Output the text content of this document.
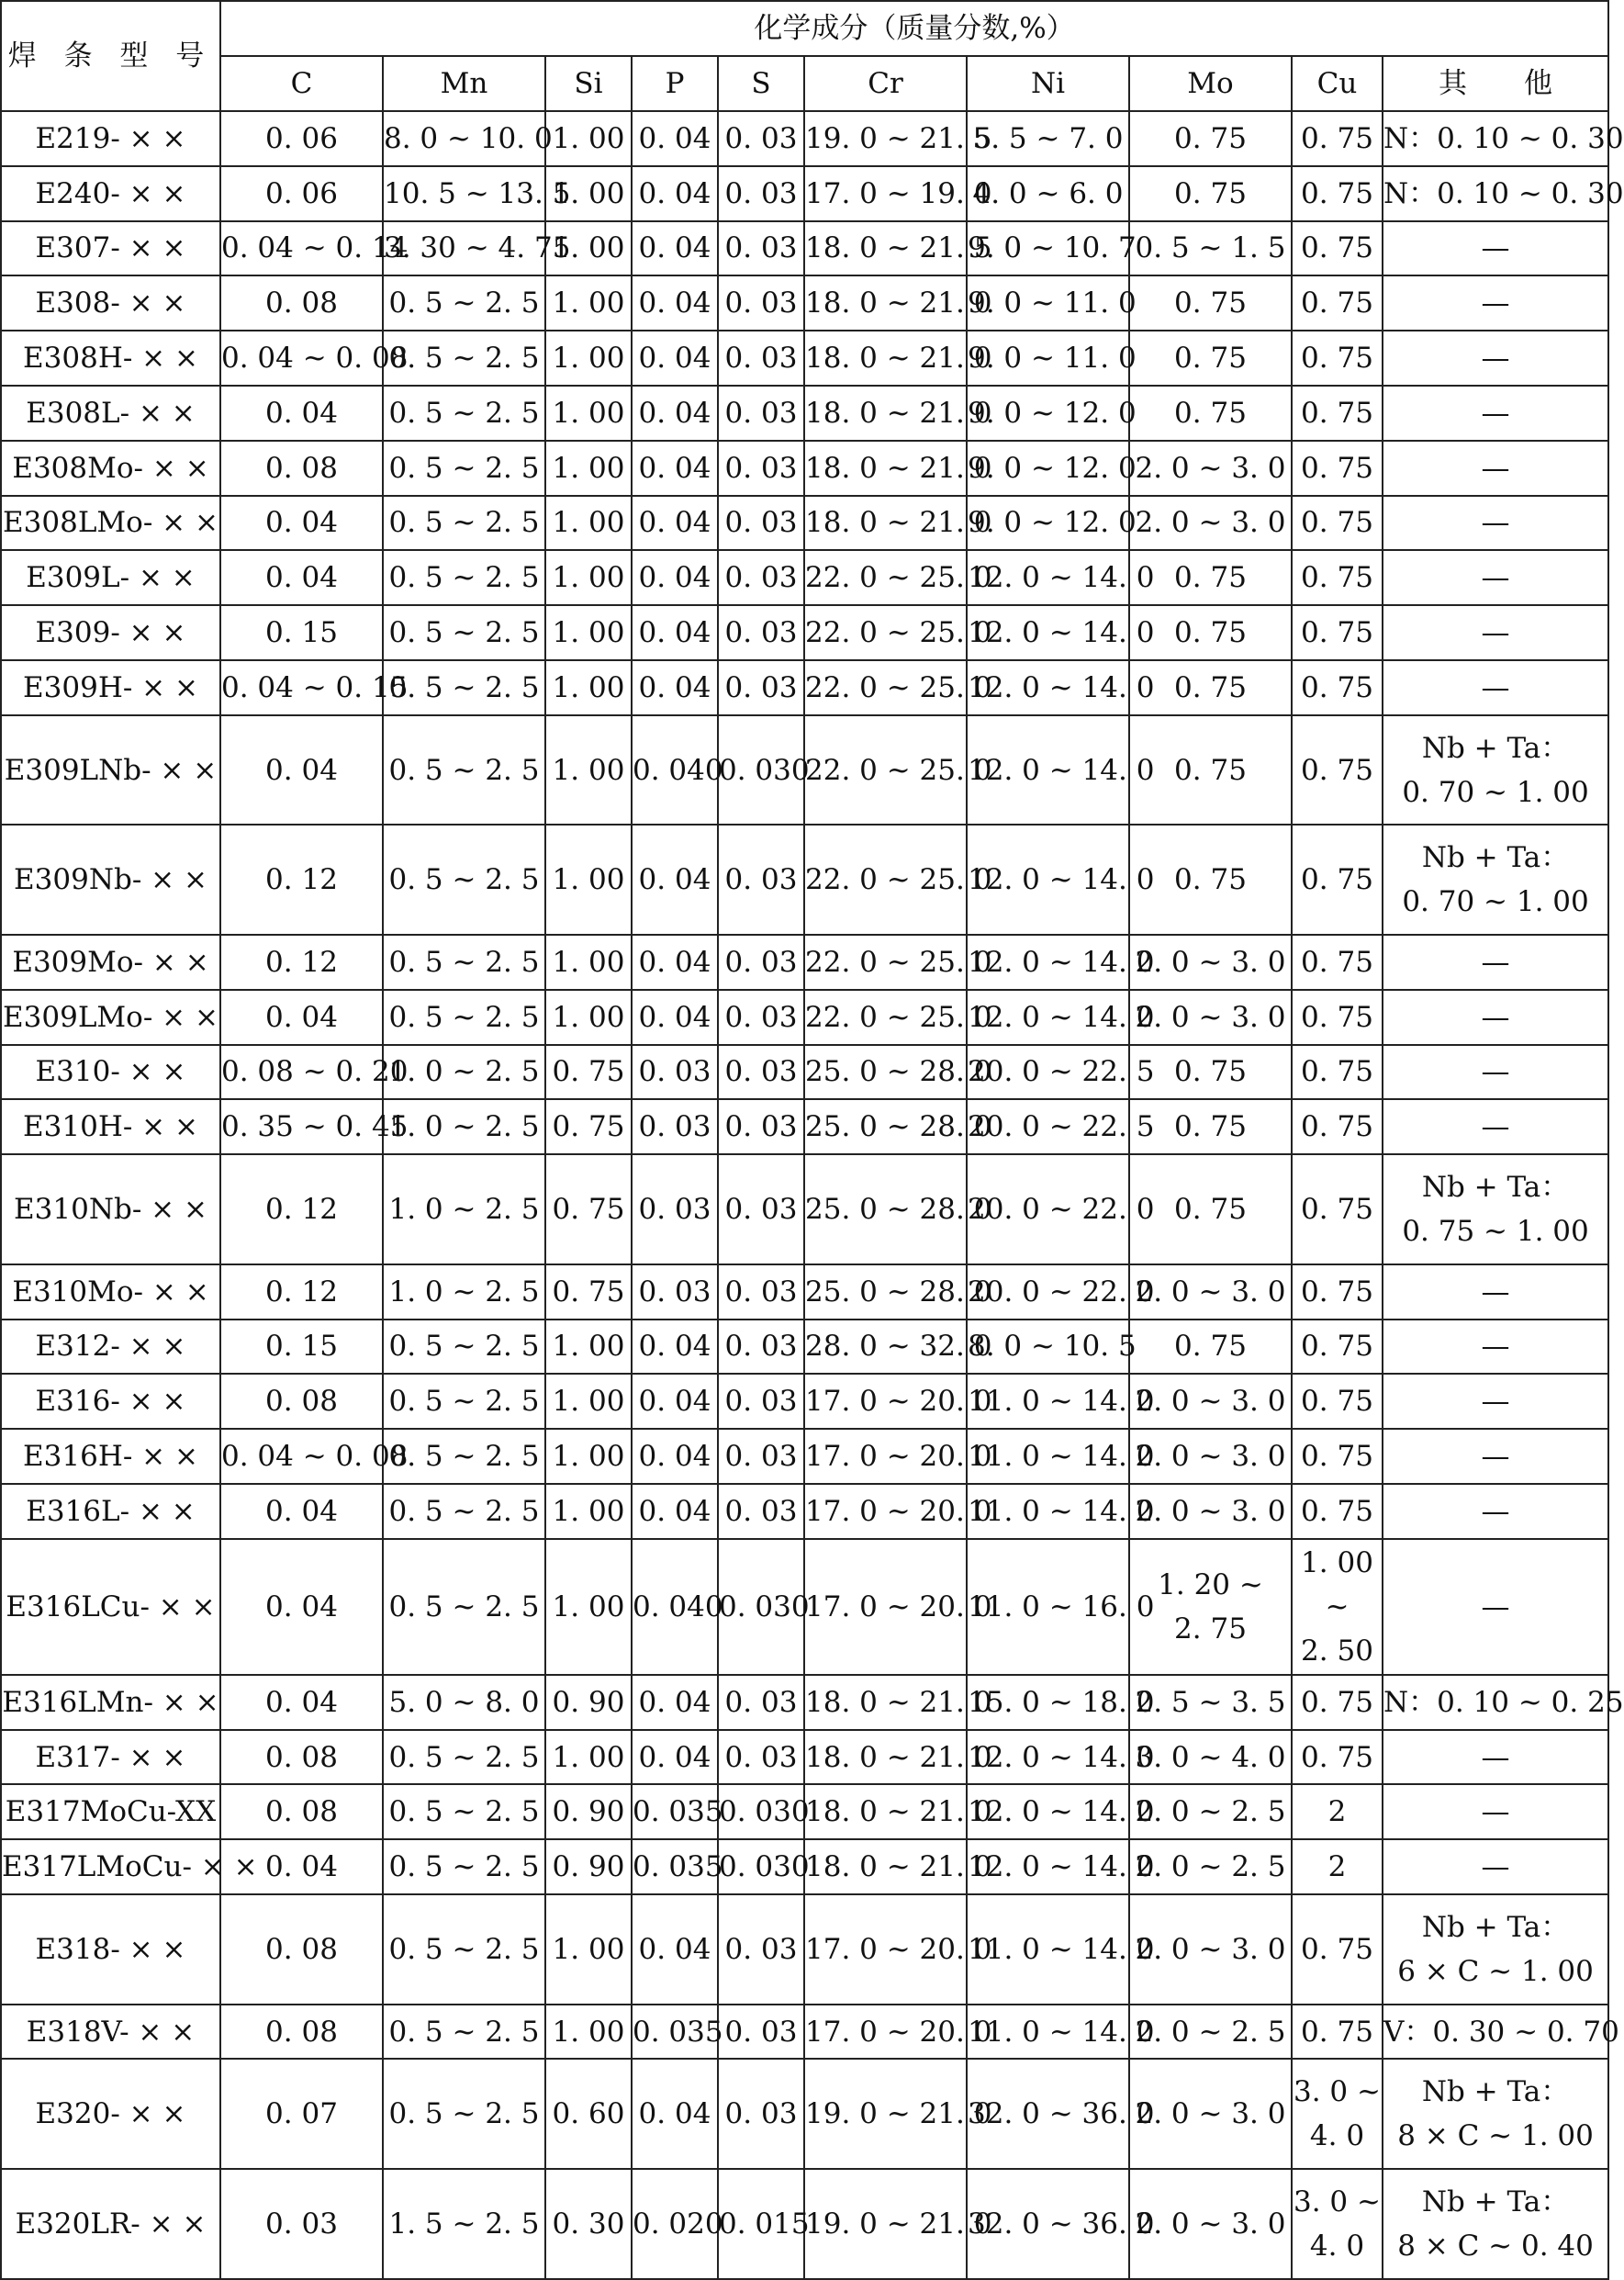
焊 条 型 号	化学成分（质量分数,%）									
	C	Mn	Si	P	S	Cr	Ni	Mo	Cu	其　　他
E219- × ×	0. 06	8. 0 ~ 10. 0	1. 00	0. 04	0. 03	19. 0 ~ 21. 5	5. 5 ~ 7. 0	0. 75	0. 75	N：0. 10 ~ 0. 30
E240- × ×	0. 06	10. 5 ~ 13. 5	1. 00	0. 04	0. 03	17. 0 ~ 19. 0	4. 0 ~ 6. 0	0. 75	0. 75	N：0. 10 ~ 0. 30
E307- × ×	0. 04 ~ 0. 14	3. 30 ~ 4. 75	1. 00	0. 04	0. 03	18. 0 ~ 21. 5	9. 0 ~ 10. 7	0. 5 ~ 1. 5	0. 75	—
E308- × ×	0. 08	0. 5 ~ 2. 5	1. 00	0. 04	0. 03	18. 0 ~ 21. 0	9. 0 ~ 11. 0	0. 75	0. 75	—
E308H- × ×	0. 04 ~ 0. 08	0. 5 ~ 2. 5	1. 00	0. 04	0. 03	18. 0 ~ 21. 0	9. 0 ~ 11. 0	0. 75	0. 75	—
E308L- × ×	0. 04	0. 5 ~ 2. 5	1. 00	0. 04	0. 03	18. 0 ~ 21. 0	9. 0 ~ 12. 0	0. 75	0. 75	—
E308Mo- × ×	0. 08	0. 5 ~ 2. 5	1. 00	0. 04	0. 03	18. 0 ~ 21. 0	9. 0 ~ 12. 0	2. 0 ~ 3. 0	0. 75	—
E308LMo- × ×	0. 04	0. 5 ~ 2. 5	1. 00	0. 04	0. 03	18. 0 ~ 21. 0	9. 0 ~ 12. 0	2. 0 ~ 3. 0	0. 75	—
E309L- × ×	0. 04	0. 5 ~ 2. 5	1. 00	0. 04	0. 03	22. 0 ~ 25. 0	12. 0 ~ 14. 0	0. 75	0. 75	—
E309- × ×	0. 15	0. 5 ~ 2. 5	1. 00	0. 04	0. 03	22. 0 ~ 25. 0	12. 0 ~ 14. 0	0. 75	0. 75	—
E309H- × ×	0. 04 ~ 0. 15	0. 5 ~ 2. 5	1. 00	0. 04	0. 03	22. 0 ~ 25. 0	12. 0 ~ 14. 0	0. 75	0. 75	—
E309LNb- × ×	0. 04	0. 5 ~ 2. 5	1. 00	0. 040	0. 030	22. 0 ~ 25. 0	12. 0 ~ 14. 0	0. 75	0. 75	Nb + Ta：
0. 70 ~ 1. 00
E309Nb- × ×	0. 12	0. 5 ~ 2. 5	1. 00	0. 04	0. 03	22. 0 ~ 25. 0	12. 0 ~ 14. 0	0. 75	0. 75	Nb + Ta：
0. 70 ~ 1. 00
E309Mo- × ×	0. 12	0. 5 ~ 2. 5	1. 00	0. 04	0. 03	22. 0 ~ 25. 0	12. 0 ~ 14. 0	2. 0 ~ 3. 0	0. 75	—
E309LMo- × ×	0. 04	0. 5 ~ 2. 5	1. 00	0. 04	0. 03	22. 0 ~ 25. 0	12. 0 ~ 14. 0	2. 0 ~ 3. 0	0. 75	—
E310- × ×	0. 08 ~ 0. 20	1. 0 ~ 2. 5	0. 75	0. 03	0. 03	25. 0 ~ 28. 0	20. 0 ~ 22. 5	0. 75	0. 75	—
E310H- × ×	0. 35 ~ 0. 45	1. 0 ~ 2. 5	0. 75	0. 03	0. 03	25. 0 ~ 28. 0	20. 0 ~ 22. 5	0. 75	0. 75	—
E310Nb- × ×	0. 12	1. 0 ~ 2. 5	0. 75	0. 03	0. 03	25. 0 ~ 28. 0	20. 0 ~ 22. 0	0. 75	0. 75	Nb + Ta：
0. 75 ~ 1. 00
E310Mo- × ×	0. 12	1. 0 ~ 2. 5	0. 75	0. 03	0. 03	25. 0 ~ 28. 0	20. 0 ~ 22. 0	2. 0 ~ 3. 0	0. 75	—
E312- × ×	0. 15	0. 5 ~ 2. 5	1. 00	0. 04	0. 03	28. 0 ~ 32. 0	8. 0 ~ 10. 5	0. 75	0. 75	—
E316- × ×	0. 08	0. 5 ~ 2. 5	1. 00	0. 04	0. 03	17. 0 ~ 20. 0	11. 0 ~ 14. 0	2. 0 ~ 3. 0	0. 75	—
E316H- × ×	0. 04 ~ 0. 08	0. 5 ~ 2. 5	1. 00	0. 04	0. 03	17. 0 ~ 20. 0	11. 0 ~ 14. 0	2. 0 ~ 3. 0	0. 75	—
E316L- × ×	0. 04	0. 5 ~ 2. 5	1. 00	0. 04	0. 03	17. 0 ~ 20. 0	11. 0 ~ 14. 0	2. 0 ~ 3. 0	0. 75	—
E316LCu- × ×	0. 04	0. 5 ~ 2. 5	1. 00	0. 040	0. 030	17. 0 ~ 20. 0	11. 0 ~ 16. 0	1. 20 ~
2. 75	1. 00 ~
2. 50	—
E316LMn- × ×	0. 04	5. 0 ~ 8. 0	0. 90	0. 04	0. 03	18. 0 ~ 21. 0	15. 0 ~ 18. 0	2. 5 ~ 3. 5	0. 75	N：0. 10 ~ 0. 25
E317- × ×	0. 08	0. 5 ~ 2. 5	1. 00	0. 04	0. 03	18. 0 ~ 21. 0	12. 0 ~ 14. 0	3. 0 ~ 4. 0	0. 75	—
E317MoCu-XX	0. 08	0. 5 ~ 2. 5	0. 90	0. 035	0. 030	18. 0 ~ 21. 0	12. 0 ~ 14. 0	2. 0 ~ 2. 5	2	—
E317LMoCu- × ×	0. 04	0. 5 ~ 2. 5	0. 90	0. 035	0. 030	18. 0 ~ 21. 0	12. 0 ~ 14. 0	2. 0 ~ 2. 5	2	—
E318- × ×	0. 08	0. 5 ~ 2. 5	1. 00	0. 04	0. 03	17. 0 ~ 20. 0	11. 0 ~ 14. 0	2. 0 ~ 3. 0	0. 75	Nb + Ta：
6 × C ~ 1. 00
E318V- × ×	0. 08	0. 5 ~ 2. 5	1. 00	0. 035	0. 03	17. 0 ~ 20. 0	11. 0 ~ 14. 0	2. 0 ~ 2. 5	0. 75	V：0. 30 ~ 0. 70
E320- × ×	0. 07	0. 5 ~ 2. 5	0. 60	0. 04	0. 03	19. 0 ~ 21. 0	32. 0 ~ 36. 0	2. 0 ~ 3. 0	3. 0 ~
4. 0	Nb + Ta：
8 × C ~ 1. 00
E320LR- × ×	0. 03	1. 5 ~ 2. 5	0. 30	0. 020	0. 015	19. 0 ~ 21. 0	32. 0 ~ 36. 0	2. 0 ~ 3. 0	3. 0 ~
4. 0	Nb + Ta：
8 × C ~ 0. 40
